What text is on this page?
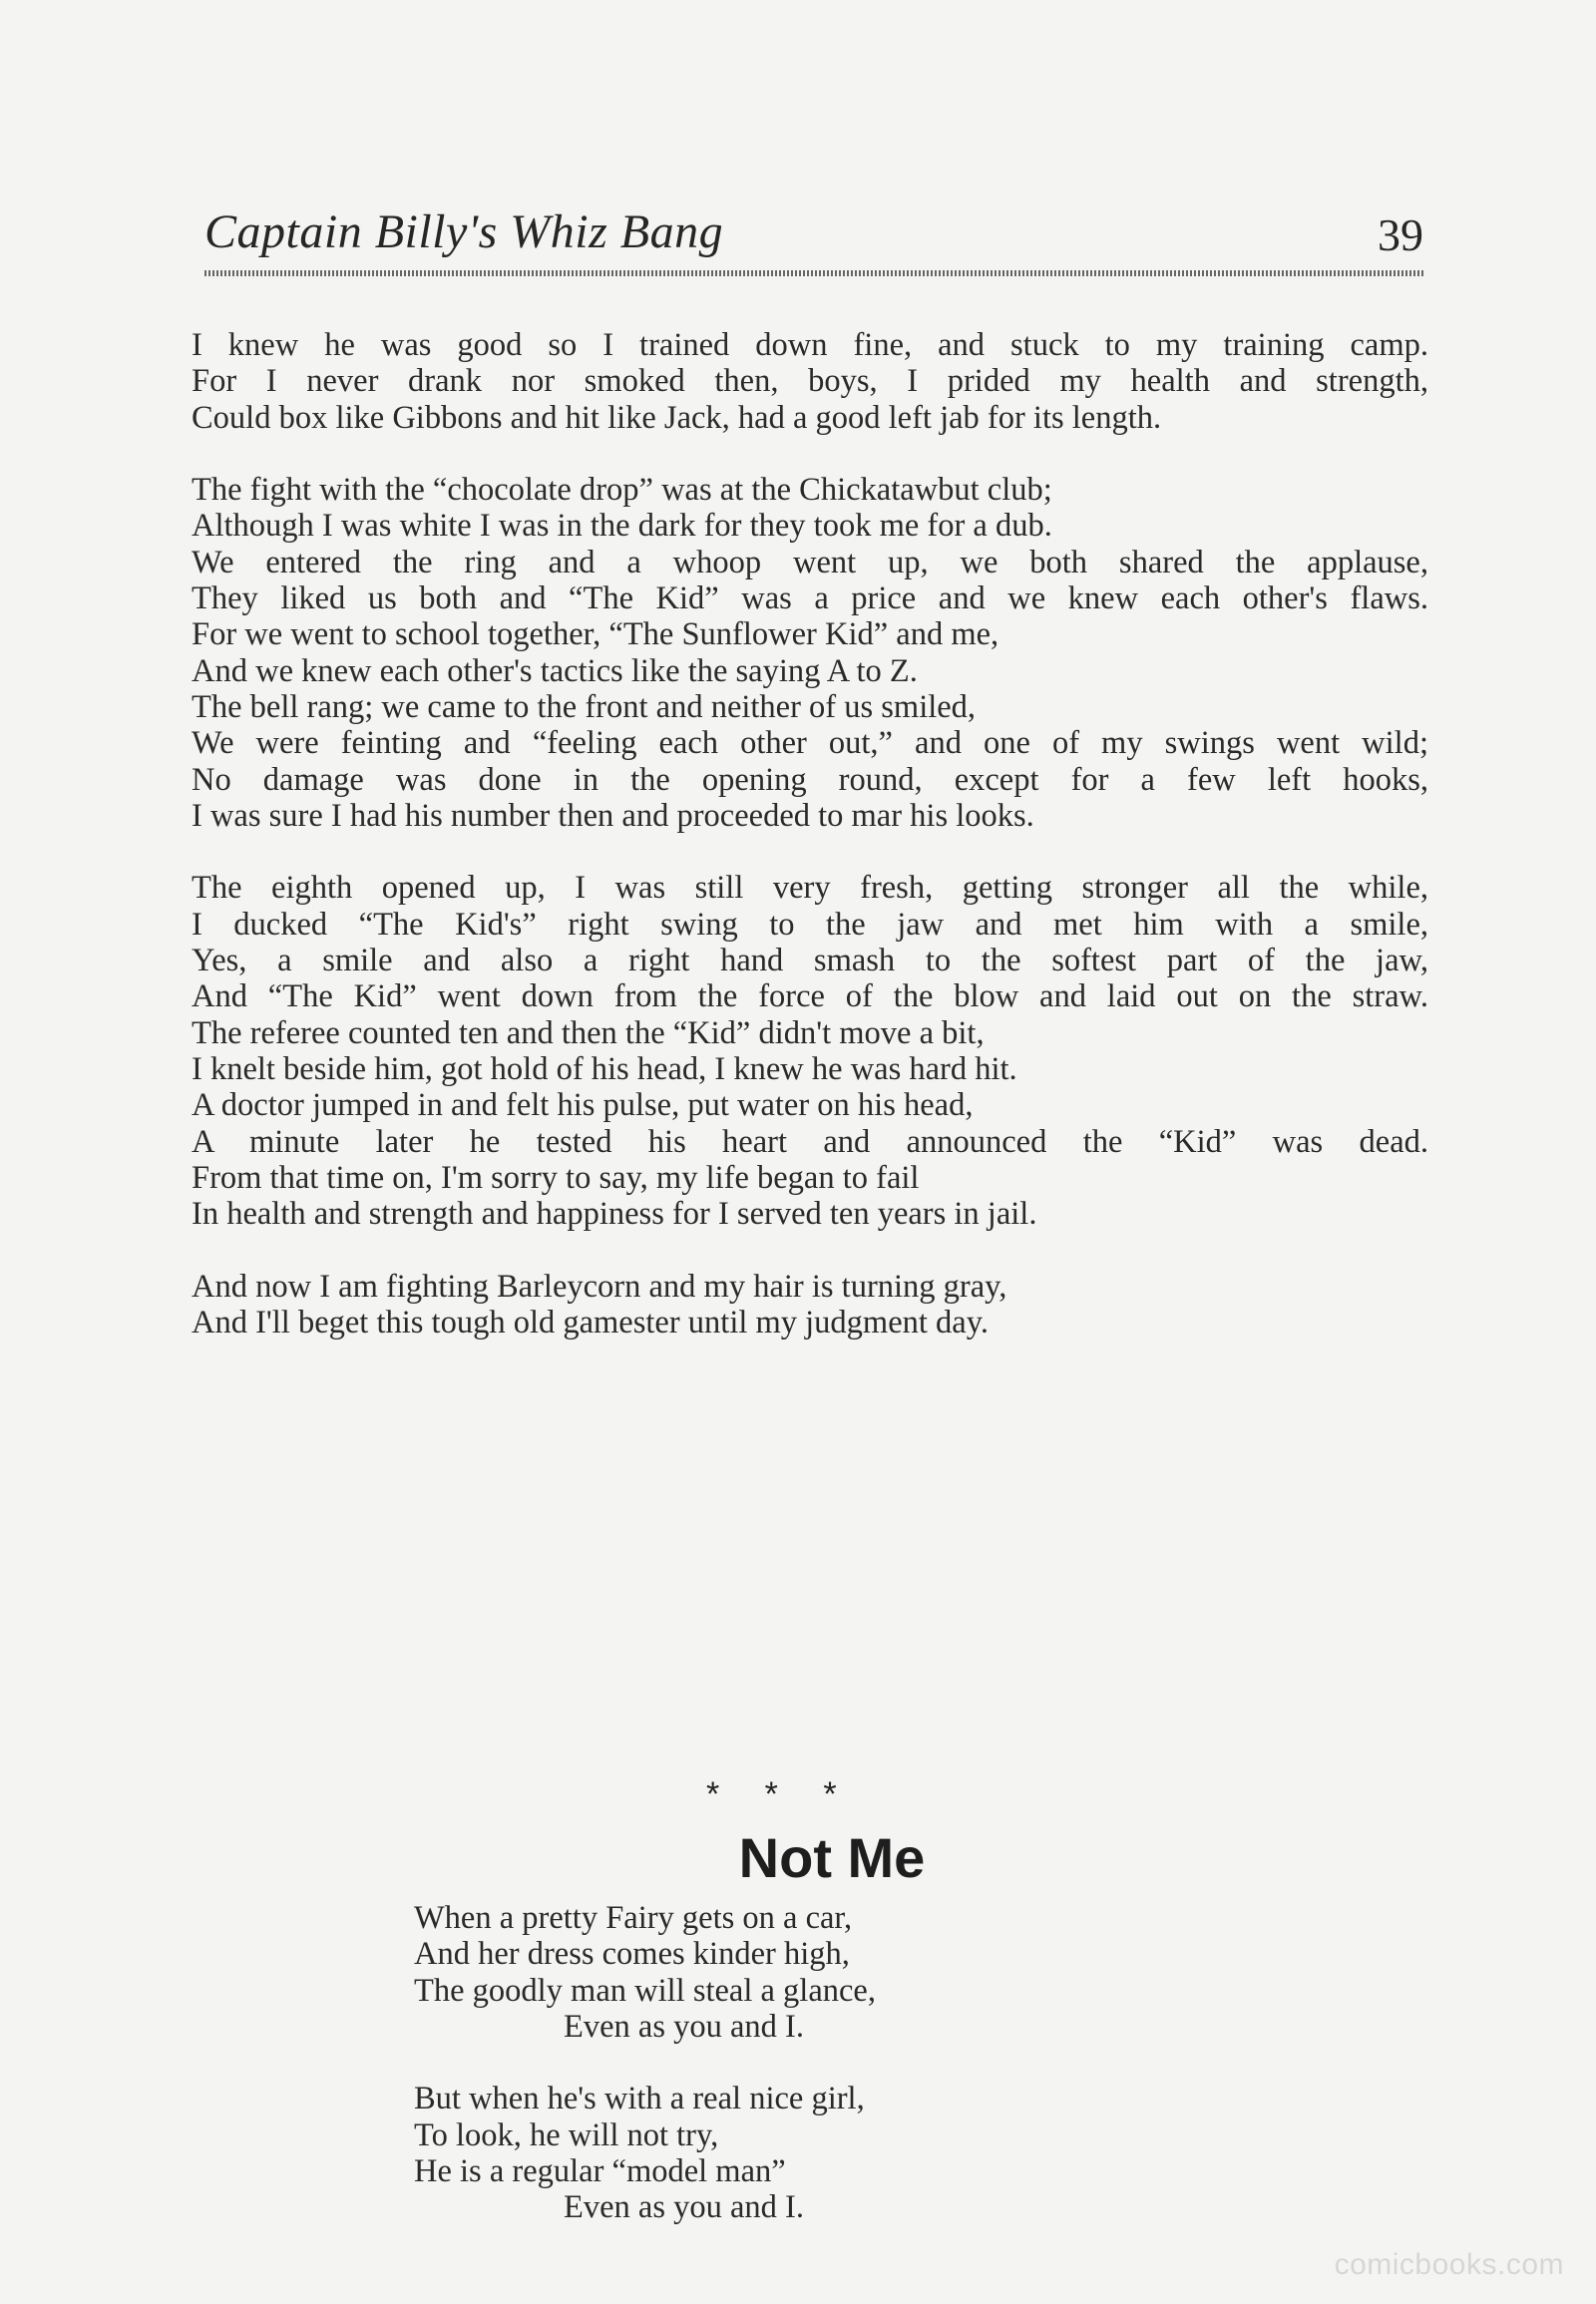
Captain Billy's Whiz Bang	39
I knew he was good so I trained down fine, and stuck to my training camp.
For I never drank nor smoked then, boys, I prided my health and strength,
Could box like Gibbons and hit like Jack, had a good left jab for its length.
The fight with the “chocolate drop” was at the Chickatawbut club;
Although I was white I was in the dark for they took me for a dub.
We entered the ring and a whoop went up, we both shared the applause,
They liked us both and “The Kid” was a price and we knew each other's flaws.
For we went to school together, “The Sunflower Kid” and me,
And we knew each other's tactics like the saying A to Z.
The bell rang; we came to the front and neither of us smiled,
We were feinting and “feeling each other out,” and one of my swings went wild;
No damage was done in the opening round, except for a few left hooks,
I was sure I had his number then and proceeded to mar his looks.
The eighth opened up, I was still very fresh, getting stronger all the while,
I ducked “The Kid's” right swing to the jaw and met him with a smile,
Yes, a smile and also a right hand smash to the softest part of the jaw,
And “The Kid” went down from the force of the blow and laid out on the straw.
The referee counted ten and then the “Kid” didn't move a bit,
I knelt beside him, got hold of his head, I knew he was hard hit.
A doctor jumped in and felt his pulse, put water on his head,
A minute later he tested his heart and announced the “Kid” was dead.
From that time on, I'm sorry to say, my life began to fail
In health and strength and happiness for I served ten years in jail.
And now I am fighting Barleycorn and my hair is turning gray,
And I'll beget this tough old gamester until my judgment day.
* * *
Not Me
When a pretty Fairy gets on a car,
And her dress comes kinder high,
The goodly man will steal a glance,
Even as you and I.
But when he's with a real nice girl,
To look, he will not try,
He is a regular “model man”
Even as you and I.
comicbooks.com
